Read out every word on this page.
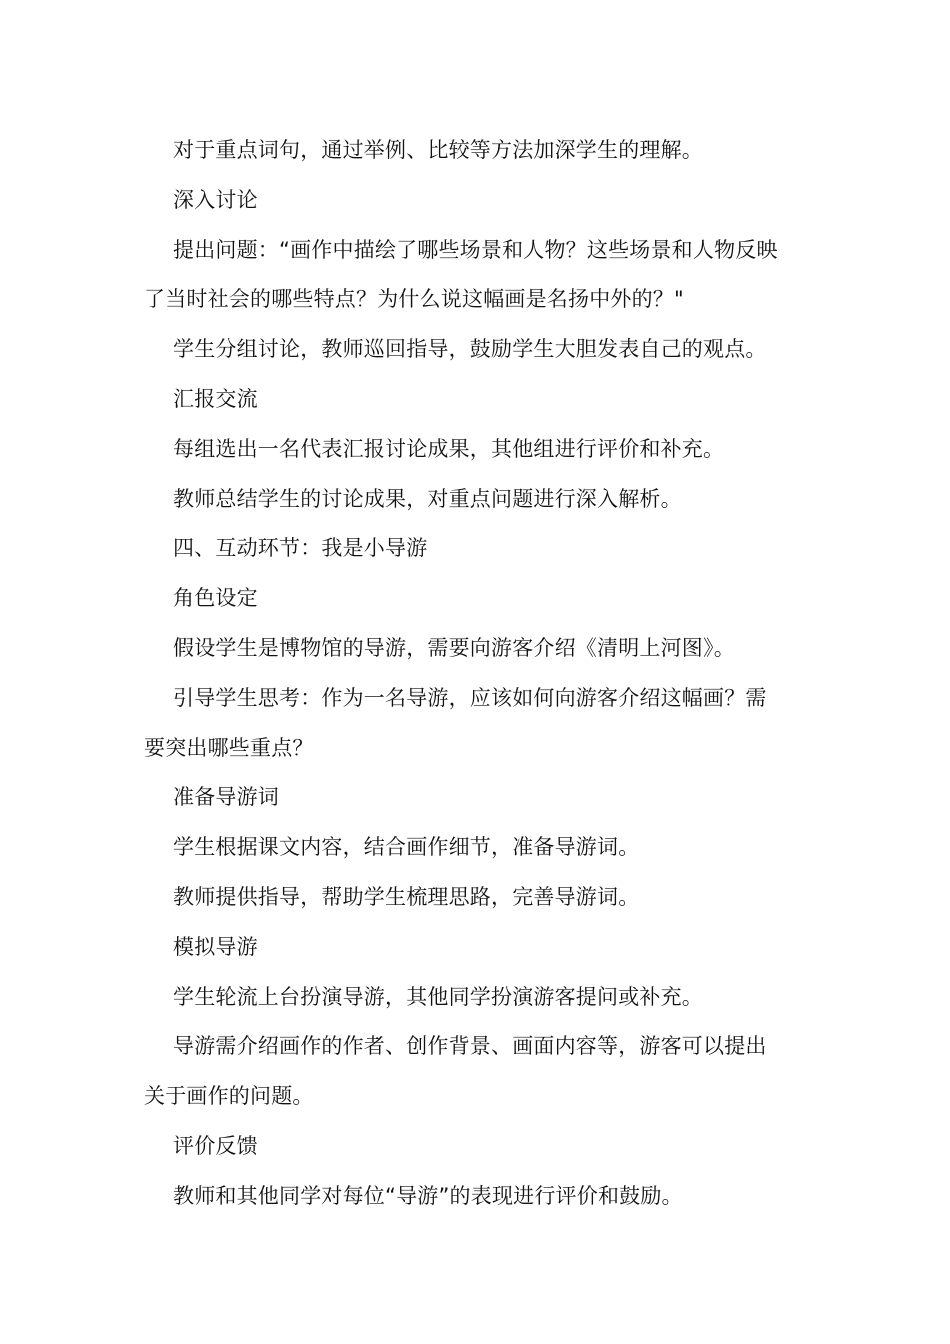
对于重点词句，通过举例、比较等方法加深学生的理解。
深入讨论
提出问题：“画作中描绘了哪些场景和人物？这些场景和人物反映
了当时社会的哪些特点？为什么说这幅画是名扬中外的？"
学生分组讨论，教师巡回指导，鼓励学生大胆发表自己的观点。
汇报交流
每组选出一名代表汇报讨论成果，其他组进行评价和补充。
教师总结学生的讨论成果，对重点问题进行深入解析。
四、互动环节：我是小导游
角色设定
假设学生是博物馆的导游，需要向游客介绍《清明上河图》。
引导学生思考：作为一名导游，应该如何向游客介绍这幅画？需
要突出哪些重点？
准备导游词
学生根据课文内容，结合画作细节，准备导游词。
教师提供指导，帮助学生梳理思路，完善导游词。
模拟导游
学生轮流上台扮演导游，其他同学扮演游客提问或补充。
导游需介绍画作的作者、创作背景、画面内容等，游客可以提出
关于画作的问题。
评价反馈
教师和其他同学对每位“导游”的表现进行评价和鼓励。
